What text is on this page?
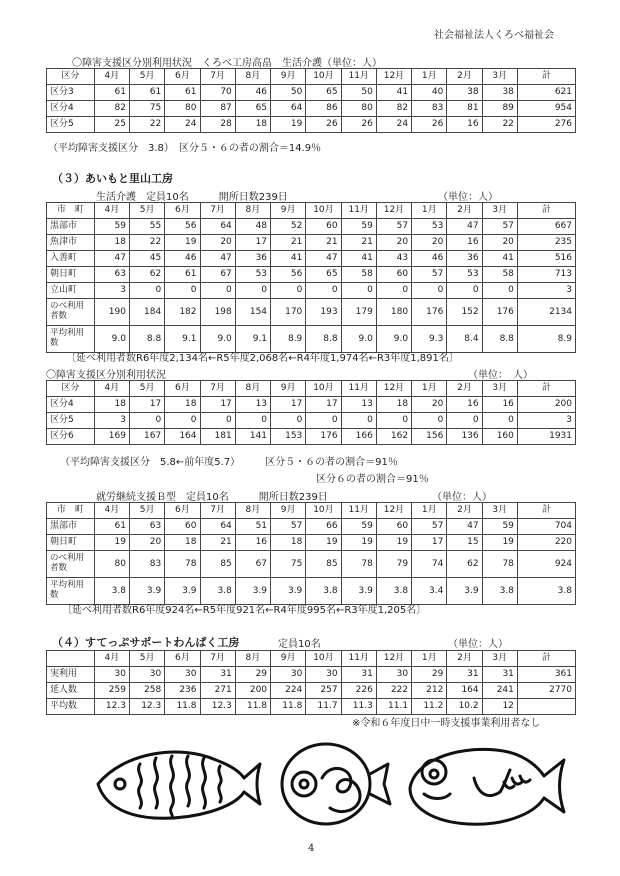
社会福祉法人くろべ福祉会
〇障害支援区分別利用状況　くろべ工房高畠　生活介護（単位：人）
区分	4月	5月	6月	7月	8月	9月	10月	11月	12月	1月	2月	3月	計
区分3	61	61	61	70	46	50	65	50	41	40	38	38	621
区分4	82	75	80	87	65	64	86	80	82	83	81	89	954
区分5	25	22	24	28	18	19	26	26	24	26	16	22	276
（平均障害支援区分　3.8）　区分５・６の者の割合＝14.9％
（３）あいもと里山工房
生活介護　定員10名　　　開所日数239日	（単位：人）
市　町	4月	5月	6月	7月	8月	9月	10月	11月	12月	1月	2月	3月	計
黒部市	59	55	56	64	48	52	60	59	57	53	47	57	667
魚津市	18	22	19	20	17	21	21	21	20	20	16	20	235
入善町	47	45	46	47	36	41	47	41	43	46	36	41	516
朝日町	63	62	61	67	53	56	65	58	60	57	53	58	713
立山町	3	0	0	0	0	0	0	0	0	0	0	0	3
のべ利用者数	190	184	182	198	154	170	193	179	180	176	152	176	2134
平均利用数	9.0	8.8	9.1	9.0	9.1	8.9	8.8	9.0	9.0	9.3	8.4	8.8	8.9
〔延べ利用者数R6年度2,134名←R5年度2,068名←R4年度1,974名←R3年度1,891名〕
〇障害支援区分別利用状況	（単位：　人）
区分	4月	5月	6月	7月	8月	9月	10月	11月	12月	1月	2月	3月	計
区分4	18	17	18	17	13	17	17	13	18	20	16	16	200
区分5	3	0	0	0	0	0	0	0	0	0	0	0	3
区分6	169	167	164	181	141	153	176	166	162	156	136	160	1931
（平均障害支援区分　5.8←前年度5.7）　　　区分５・６の者の割合＝91％
区分６の者の割合＝91％
就労継続支援Ｂ型　定員10名　　　開所日数239日	（単位：人）
市　町	4月	5月	6月	7月	8月	9月	10月	11月	12月	1月	2月	3月	計
黒部市	61	63	60	64	51	57	66	59	60	57	47	59	704
朝日町	19	20	18	21	16	18	19	19	19	17	15	19	220
のべ利用者数	80	83	78	85	67	75	85	78	79	74	62	78	924
平均利用数	3.8	3.9	3.9	3.8	3.9	3.9	3.8	3.9	3.8	3.4	3.9	3.8	3.8
〔延べ利用者数R6年度924名←R5年度921名←R4年度995名←R3年度1,205名〕
（４）すてっぷサポートわんぱく工房	定員10名	（単位：人）
	4月	5月	6月	7月	8月	9月	10月	11月	12月	1月	2月	3月	計
実利用	30	30	30	31	29	30	30	31	30	29	31	31	361
延人数	259	258	236	271	200	224	257	226	222	212	164	241	2770
平均数	12.3	12.3	11.8	12.3	11.8	11.8	11.7	11.3	11.1	11.2	10.2	12	
※令和６年度日中一時支援事業利用者なし
4
